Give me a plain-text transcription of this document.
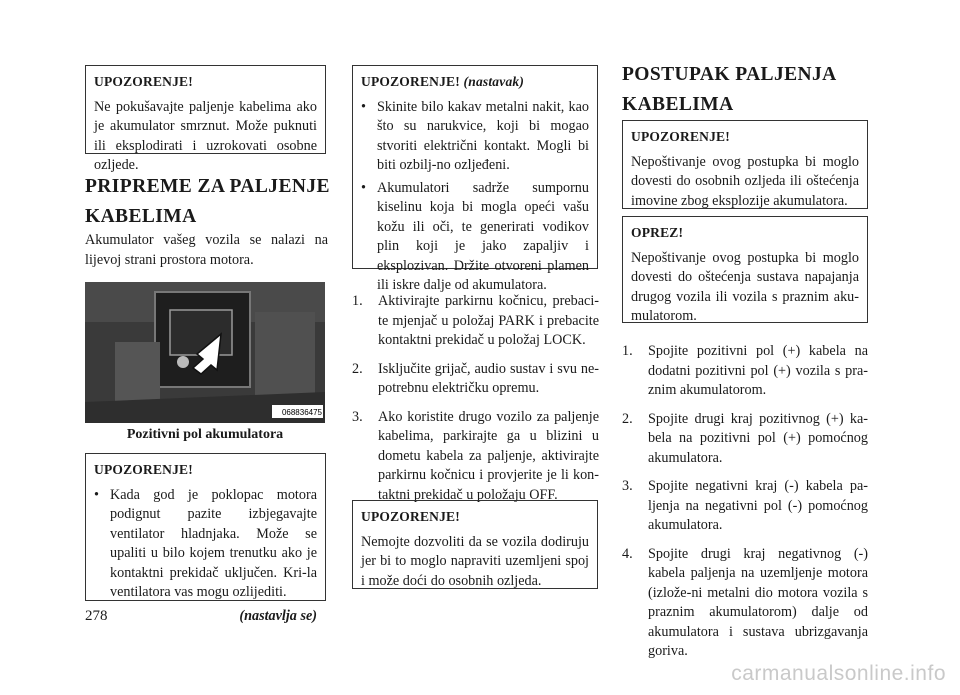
UPOZORENJE!

Ne pokušavajte paljenje kabelima ako je akumulator smrznut. Može puknuti ili eksplodirati i uzrokovati osobne ozljede.

PRIPREME ZA PALJENJE KABELIMA

Akumulator vašeg vozila se nalazi na lijevoj strani prostora motora.

068836475
Pozitivni pol akumulatora
UPOZORENJE!
• Kada god je poklopac motora podignut pazite izbjegavajte ventilator hladnjaka. Može se upaliti u bilo kojem trenutku ako je kontaktni prekidač uključen. Kri-la ventilatora vas mogu ozlijediti.
(nastavlja se)
278
UPOZORENJE! (nastavak)
• Skinite bilo kakav metalni nakit, kao što su narukvice, koji bi mogao stvoriti električni kontakt. Mogli bi biti ozbilj-no ozljeđeni.
• Akumulatori sadrže sumpornu kiselinu koja bi mogla opeći vašu kožu ili oči, te generirati vodikov plin koji je jako zapaljiv i eksplozivan. Držite otvoreni plamen ili iskre dalje od akumulatora.
1. Aktivirajte parkirnu kočnicu, prebaci-te mjenjač u položaj PARK i prebacite kontaktni prekidač u položaj LOCK.
2. Isključite grijač, audio sustav i svu ne-potrebnu električku opremu.
3. Ako koristite drugo vozilo za paljenje kabelima, parkirajte ga u blizini u dometu kabela za paljenje, aktivirajte parkirnu kočnicu i provjerite je li kon-taktni prekidač u položaju OFF.
UPOZORENJE!

Nemojte dozvoliti da se vozila dodiruju jer bi to moglo napraviti uzemljeni spoj i može doći do osobnih ozljeda.

POSTUPAK PALJENJA KABELIMA
UPOZORENJE!

Nepoštivanje ovog postupka bi moglo dovesti do osobnih ozljeda ili oštećenja imovine zbog eksplozije akumulatora.

OPREZ!

Nepoštivanje ovog postupka bi moglo dovesti do oštećenja sustava napajanja drugog vozila ili vozila s praznim aku-mulatorom.

1. Spojite pozitivni pol (+) kabela na dodatni pozitivni pol (+) vozila s pra-znim akumulatorom.
2. Spojite drugi kraj pozitivnog (+) ka-bela na pozitivni pol (+) pomoćnog akumulatora.
3. Spojite negativni kraj (-) kabela pa-ljenja na negativni pol (-) pomoćnog akumulatora.
4. Spojite drugi kraj negativnog (-) kabela paljenja na uzemljenje motora (izlože-ni metalni dio motora vozila s praznim akumulatorom) dalje od akumulatora i sustava ubrizgavanja goriva.
carmanualsonline.info
